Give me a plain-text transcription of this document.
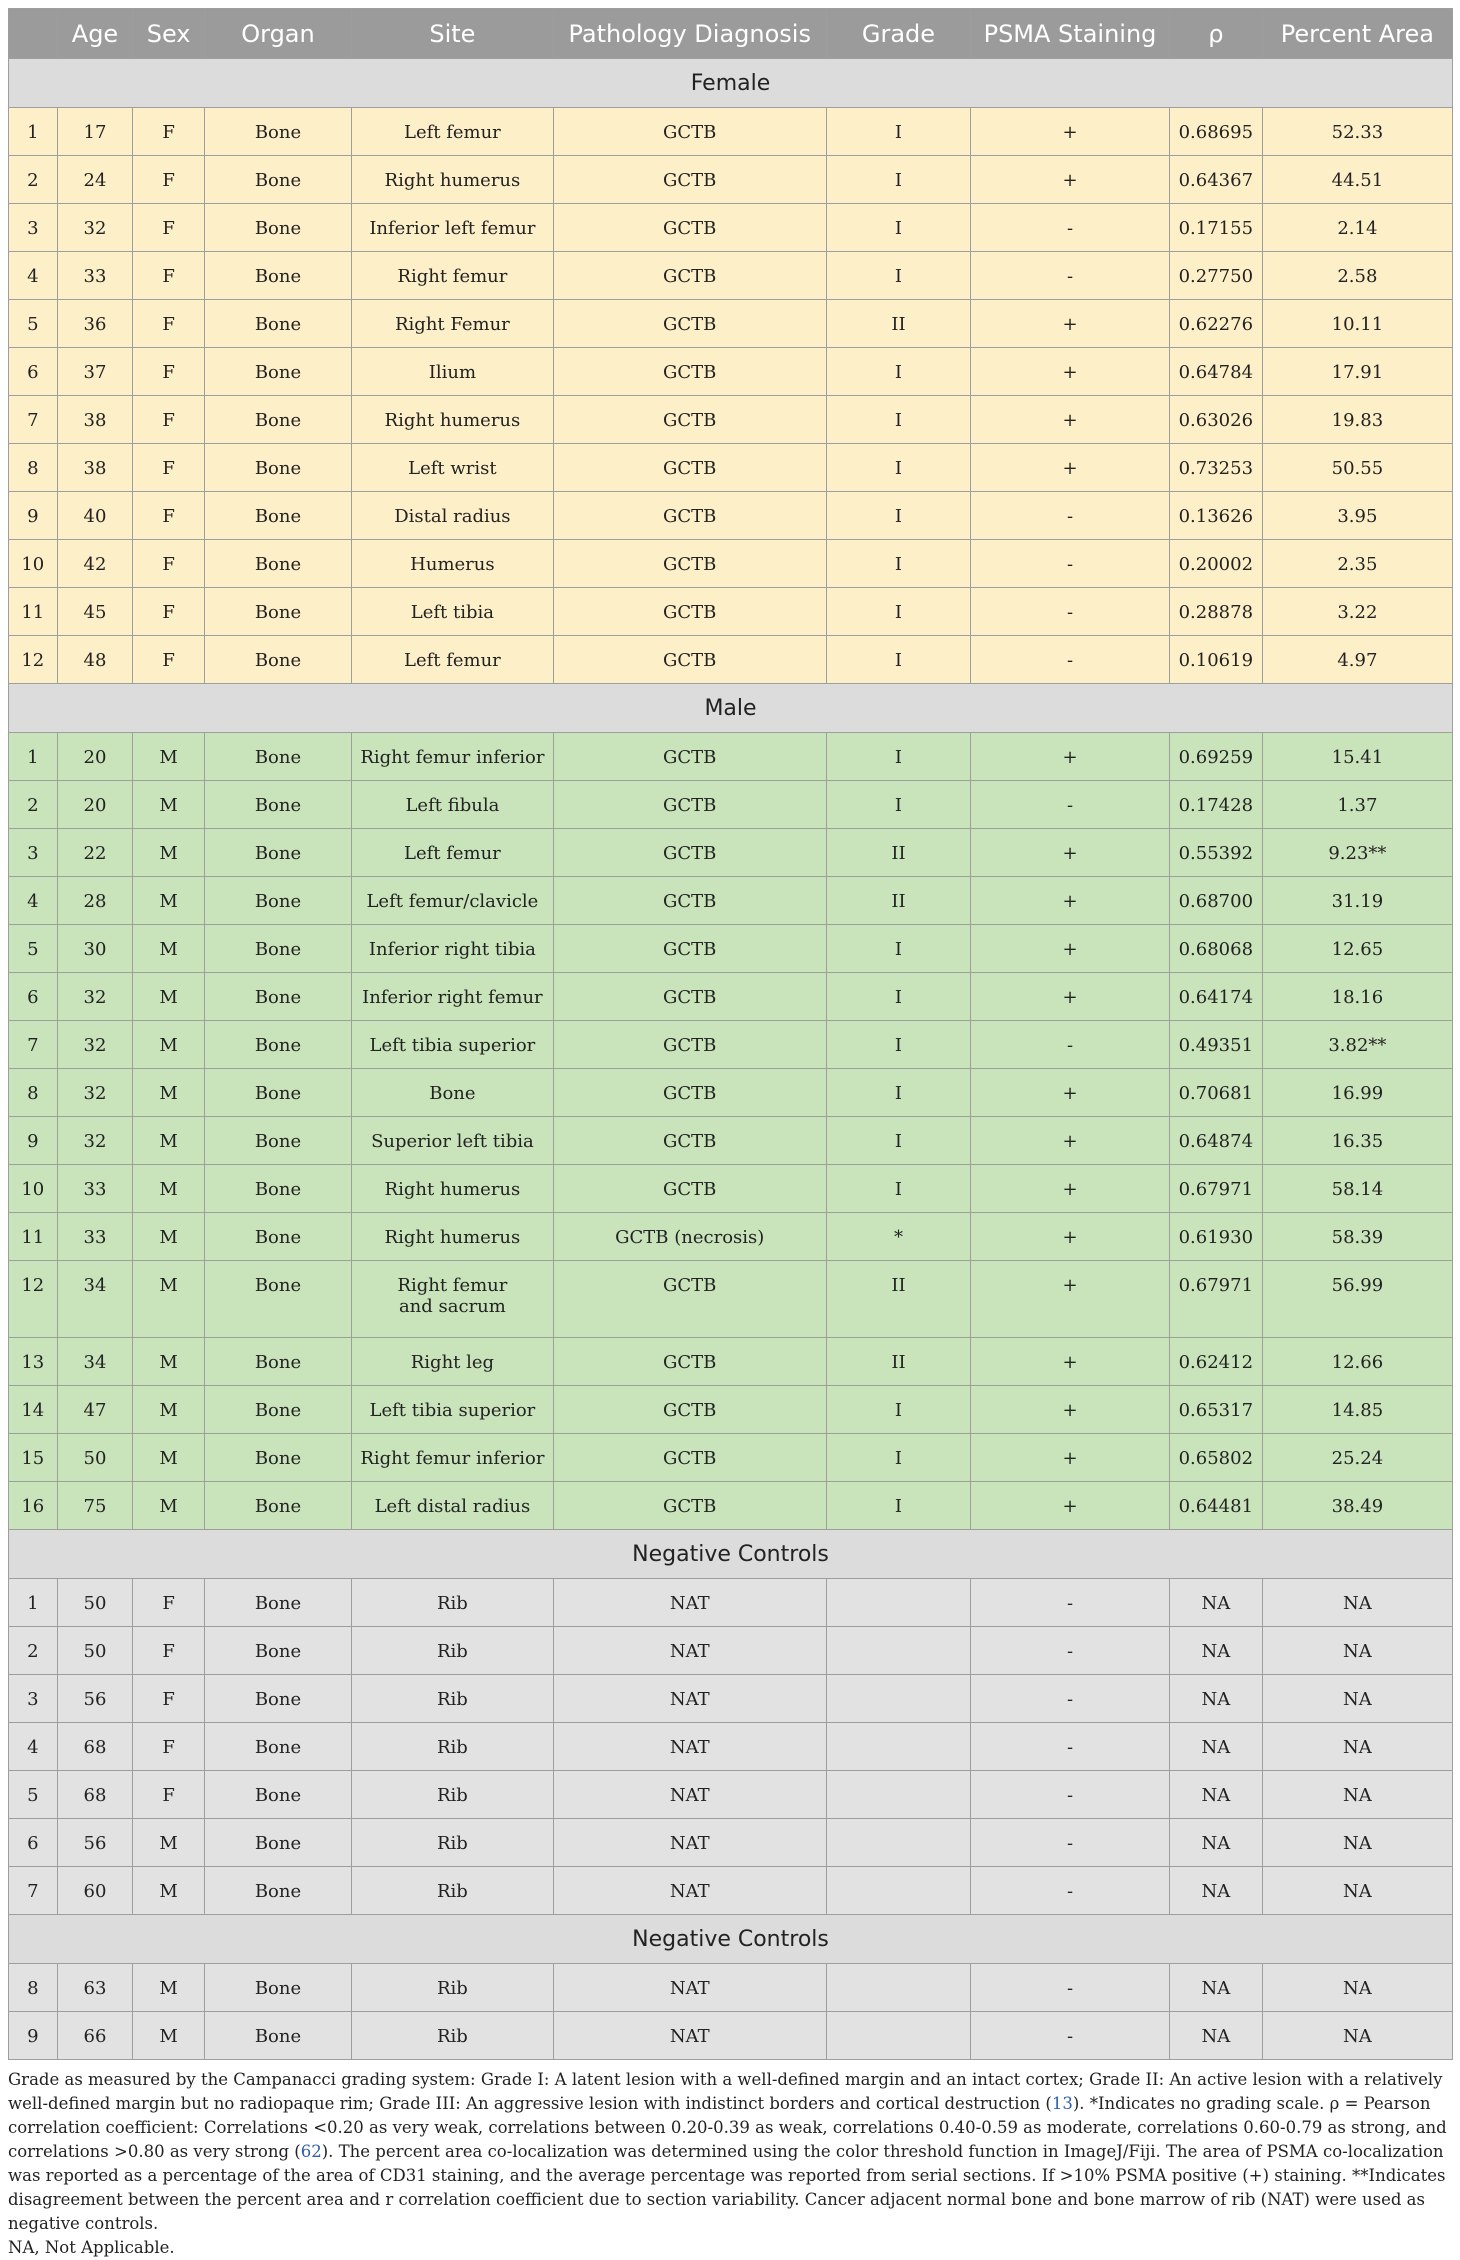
	Age	Sex	Organ	Site	Pathology Diagnosis	Grade	PSMA Staining	ρ	Percent Area
Female									
1	17	F	Bone	Left femur	GCTB	I	+	0.68695	52.33
2	24	F	Bone	Right humerus	GCTB	I	+	0.64367	44.51
3	32	F	Bone	Inferior left femur	GCTB	I	-	0.17155	2.14
4	33	F	Bone	Right femur	GCTB	I	-	0.27750	2.58
5	36	F	Bone	Right Femur	GCTB	II	+	0.62276	10.11
6	37	F	Bone	Ilium	GCTB	I	+	0.64784	17.91
7	38	F	Bone	Right humerus	GCTB	I	+	0.63026	19.83
8	38	F	Bone	Left wrist	GCTB	I	+	0.73253	50.55
9	40	F	Bone	Distal radius	GCTB	I	-	0.13626	3.95
10	42	F	Bone	Humerus	GCTB	I	-	0.20002	2.35
11	45	F	Bone	Left tibia	GCTB	I	-	0.28878	3.22
12	48	F	Bone	Left femur	GCTB	I	-	0.10619	4.97
Male									
1	20	M	Bone	Right femur inferior	GCTB	I	+	0.69259	15.41
2	20	M	Bone	Left fibula	GCTB	I	-	0.17428	1.37
3	22	M	Bone	Left femur	GCTB	II	+	0.55392	9.23**
4	28	M	Bone	Left femur/clavicle	GCTB	II	+	0.68700	31.19
5	30	M	Bone	Inferior right tibia	GCTB	I	+	0.68068	12.65
6	32	M	Bone	Inferior right femur	GCTB	I	+	0.64174	18.16
7	32	M	Bone	Left tibia superior	GCTB	I	-	0.49351	3.82**
8	32	M	Bone	Bone	GCTB	I	+	0.70681	16.99
9	32	M	Bone	Superior left tibia	GCTB	I	+	0.64874	16.35
10	33	M	Bone	Right humerus	GCTB	I	+	0.67971	58.14
11	33	M	Bone	Right humerus	GCTB (necrosis)	*	+	0.61930	58.39
12	34	M	Bone	Right femur
and sacrum	GCTB	II	+	0.67971	56.99
13	34	M	Bone	Right leg	GCTB	II	+	0.62412	12.66
14	47	M	Bone	Left tibia superior	GCTB	I	+	0.65317	14.85
15	50	M	Bone	Right femur inferior	GCTB	I	+	0.65802	25.24
16	75	M	Bone	Left distal radius	GCTB	I	+	0.64481	38.49
Negative Controls									
1	50	F	Bone	Rib	NAT		-	NA	NA
2	50	F	Bone	Rib	NAT		-	NA	NA
3	56	F	Bone	Rib	NAT		-	NA	NA
4	68	F	Bone	Rib	NAT		-	NA	NA
5	68	F	Bone	Rib	NAT		-	NA	NA
6	56	M	Bone	Rib	NAT		-	NA	NA
7	60	M	Bone	Rib	NAT		-	NA	NA
Negative Controls									
8	63	M	Bone	Rib	NAT		-	NA	NA
9	66	M	Bone	Rib	NAT		-	NA	NA

Grade as measured by the Campanacci grading system: Grade I: A latent lesion with a well-defined margin and an intact cortex; Grade II: An active lesion with a relatively well-defined margin but no radiopaque rim; Grade III: An aggressive lesion with indistinct borders and cortical destruction (13). *Indicates no grading scale. ρ = Pearson correlation coefficient: Correlations <0.20 as very weak, correlations between 0.20-0.39 as weak, correlations 0.40-0.59 as moderate, correlations 0.60-0.79 as strong, and correlations >0.80 as very strong (62). The percent area co-localization was determined using the color threshold function in ImageJ/Fiji. The area of PSMA co-localization was reported as a percentage of the area of CD31 staining, and the average percentage was reported from serial sections. If >10% PSMA positive (+) staining. **Indicates disagreement between the percent area and r correlation coefficient due to section variability. Cancer adjacent normal bone and bone marrow of rib (NAT) were used as negative controls.

NA, Not Applicable.
